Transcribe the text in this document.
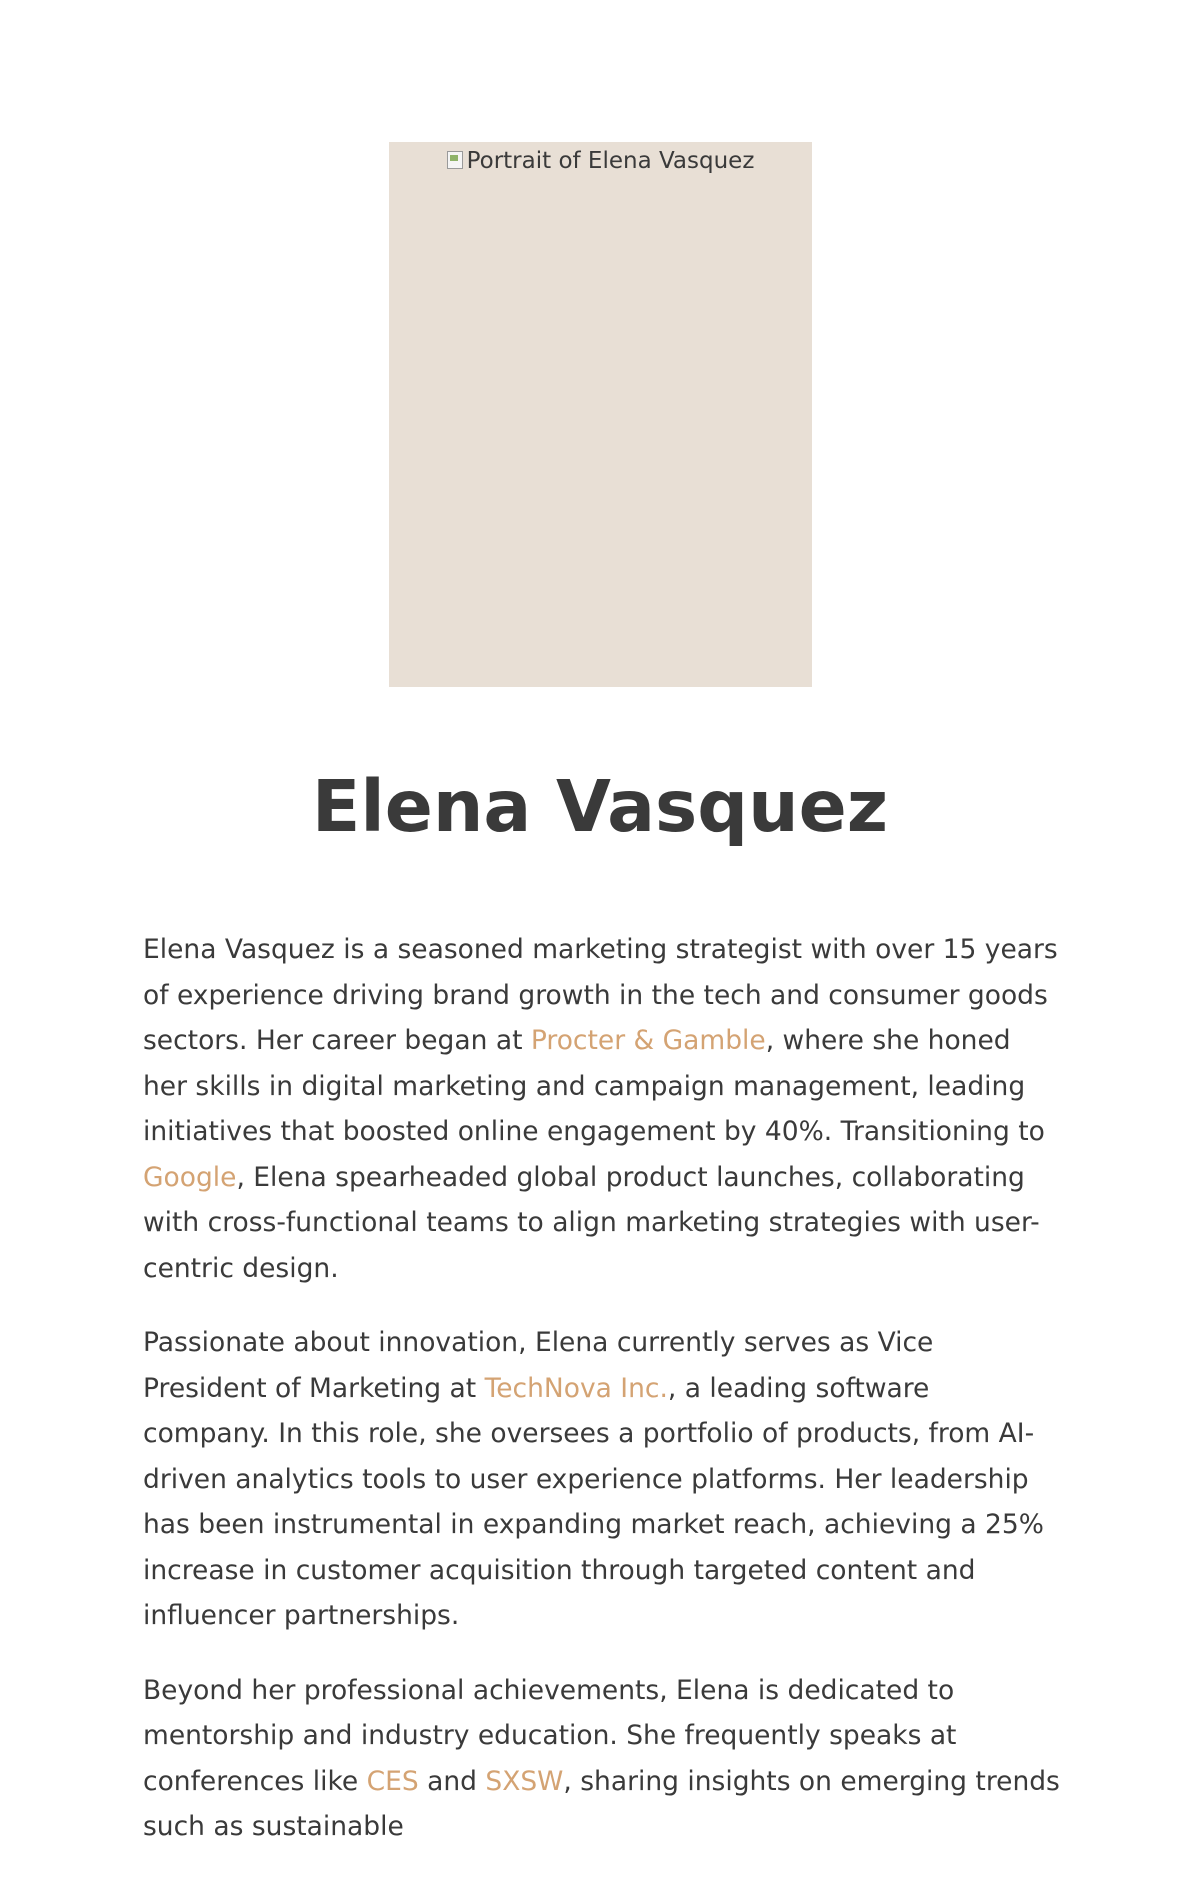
Portrait of Elena Vasquez
Elena Vasquez

Elena Vasquez is a seasoned marketing strategist with over 15 years of experience driving brand growth in the tech and consumer goods sectors. Her career began at Procter & Gamble, where she honed her skills in digital marketing and campaign management, leading initiatives that boosted online engagement by 40%. Transitioning to Google, Elena spearheaded global product launches, collaborating with cross-functional teams to align marketing strategies with user-centric design.

Passionate about innovation, Elena currently serves as Vice President of Marketing at TechNova Inc., a leading software company. In this role, she oversees a portfolio of products, from AI-driven analytics tools to user experience platforms. Her leadership has been instrumental in expanding market reach, achieving a 25% increase in customer acquisition through targeted content and influencer partnerships.

Beyond her professional achievements, Elena is dedicated to mentorship and industry education. She frequently speaks at conferences like CES and SXSW, sharing insights on emerging trends such as sustainable
